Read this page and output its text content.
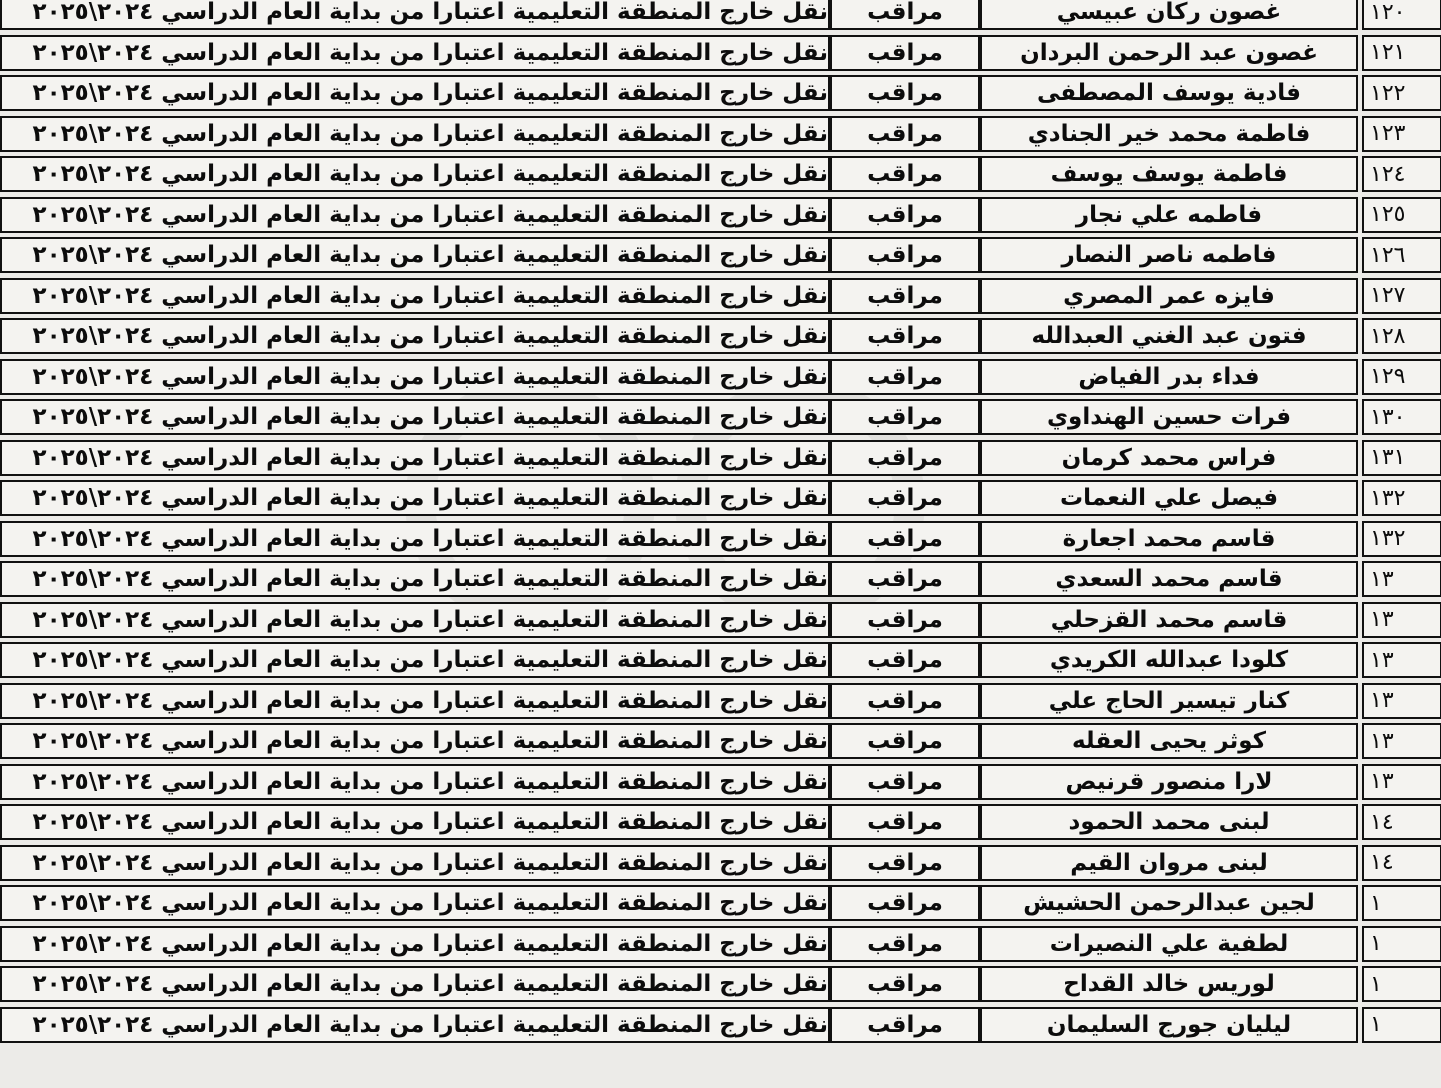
١٢٠
غصون ركان عبيسي
مراقب
نقل خارج المنطقة التعليمية اعتبارا من بداية العام الدراسي ٢٠٢٤\٢٠٢٥
١٢١
غصون عبد الرحمن البردان
مراقب
نقل خارج المنطقة التعليمية اعتبارا من بداية العام الدراسي ٢٠٢٤\٢٠٢٥
١٢٢
فادية يوسف المصطفى
مراقب
نقل خارج المنطقة التعليمية اعتبارا من بداية العام الدراسي ٢٠٢٤\٢٠٢٥
١٢٣
فاطمة محمد خير الجنادي
مراقب
نقل خارج المنطقة التعليمية اعتبارا من بداية العام الدراسي ٢٠٢٤\٢٠٢٥
١٢٤
فاطمة يوسف يوسف
مراقب
نقل خارج المنطقة التعليمية اعتبارا من بداية العام الدراسي ٢٠٢٤\٢٠٢٥
١٢٥
فاطمه علي نجار
مراقب
نقل خارج المنطقة التعليمية اعتبارا من بداية العام الدراسي ٢٠٢٤\٢٠٢٥
١٢٦
فاطمه ناصر النصار
مراقب
نقل خارج المنطقة التعليمية اعتبارا من بداية العام الدراسي ٢٠٢٤\٢٠٢٥
١٢٧
فايزه عمر المصري
مراقب
نقل خارج المنطقة التعليمية اعتبارا من بداية العام الدراسي ٢٠٢٤\٢٠٢٥
١٢٨
فتون عبد الغني العبدالله
مراقب
نقل خارج المنطقة التعليمية اعتبارا من بداية العام الدراسي ٢٠٢٤\٢٠٢٥
١٢٩
فداء بدر الفياض
مراقب
نقل خارج المنطقة التعليمية اعتبارا من بداية العام الدراسي ٢٠٢٤\٢٠٢٥
١٣٠
فرات حسين الهنداوي
مراقب
نقل خارج المنطقة التعليمية اعتبارا من بداية العام الدراسي ٢٠٢٤\٢٠٢٥
١٣١
فراس محمد كرمان
مراقب
نقل خارج المنطقة التعليمية اعتبارا من بداية العام الدراسي ٢٠٢٤\٢٠٢٥
١٣٢
فيصل علي النعمات
مراقب
نقل خارج المنطقة التعليمية اعتبارا من بداية العام الدراسي ٢٠٢٤\٢٠٢٥
١٣٢
قاسم محمد اجعارة
مراقب
نقل خارج المنطقة التعليمية اعتبارا من بداية العام الدراسي ٢٠٢٤\٢٠٢٥
١٣
قاسم محمد السعدي
مراقب
نقل خارج المنطقة التعليمية اعتبارا من بداية العام الدراسي ٢٠٢٤\٢٠٢٥
١٣
قاسم محمد القزحلي
مراقب
نقل خارج المنطقة التعليمية اعتبارا من بداية العام الدراسي ٢٠٢٤\٢٠٢٥
١٣
كلودا عبدالله الكريدي
مراقب
نقل خارج المنطقة التعليمية اعتبارا من بداية العام الدراسي ٢٠٢٤\٢٠٢٥
١٣
كنار تيسير الحاج علي
مراقب
نقل خارج المنطقة التعليمية اعتبارا من بداية العام الدراسي ٢٠٢٤\٢٠٢٥
١٣
كوثر يحيى العقله
مراقب
نقل خارج المنطقة التعليمية اعتبارا من بداية العام الدراسي ٢٠٢٤\٢٠٢٥
١٣
لارا منصور قرنيص
مراقب
نقل خارج المنطقة التعليمية اعتبارا من بداية العام الدراسي ٢٠٢٤\٢٠٢٥
١٤
لبنى محمد الحمود
مراقب
نقل خارج المنطقة التعليمية اعتبارا من بداية العام الدراسي ٢٠٢٤\٢٠٢٥
١٤
لبنى مروان القيم
مراقب
نقل خارج المنطقة التعليمية اعتبارا من بداية العام الدراسي ٢٠٢٤\٢٠٢٥
١
لجين عبدالرحمن الحشيش
مراقب
نقل خارج المنطقة التعليمية اعتبارا من بداية العام الدراسي ٢٠٢٤\٢٠٢٥
١
لطفية علي النصيرات
مراقب
نقل خارج المنطقة التعليمية اعتبارا من بداية العام الدراسي ٢٠٢٤\٢٠٢٥
١
لوريس خالد القداح
مراقب
نقل خارج المنطقة التعليمية اعتبارا من بداية العام الدراسي ٢٠٢٤\٢٠٢٥
١
ليليان جورج السليمان
مراقب
نقل خارج المنطقة التعليمية اعتبارا من بداية العام الدراسي ٢٠٢٤\٢٠٢٥
